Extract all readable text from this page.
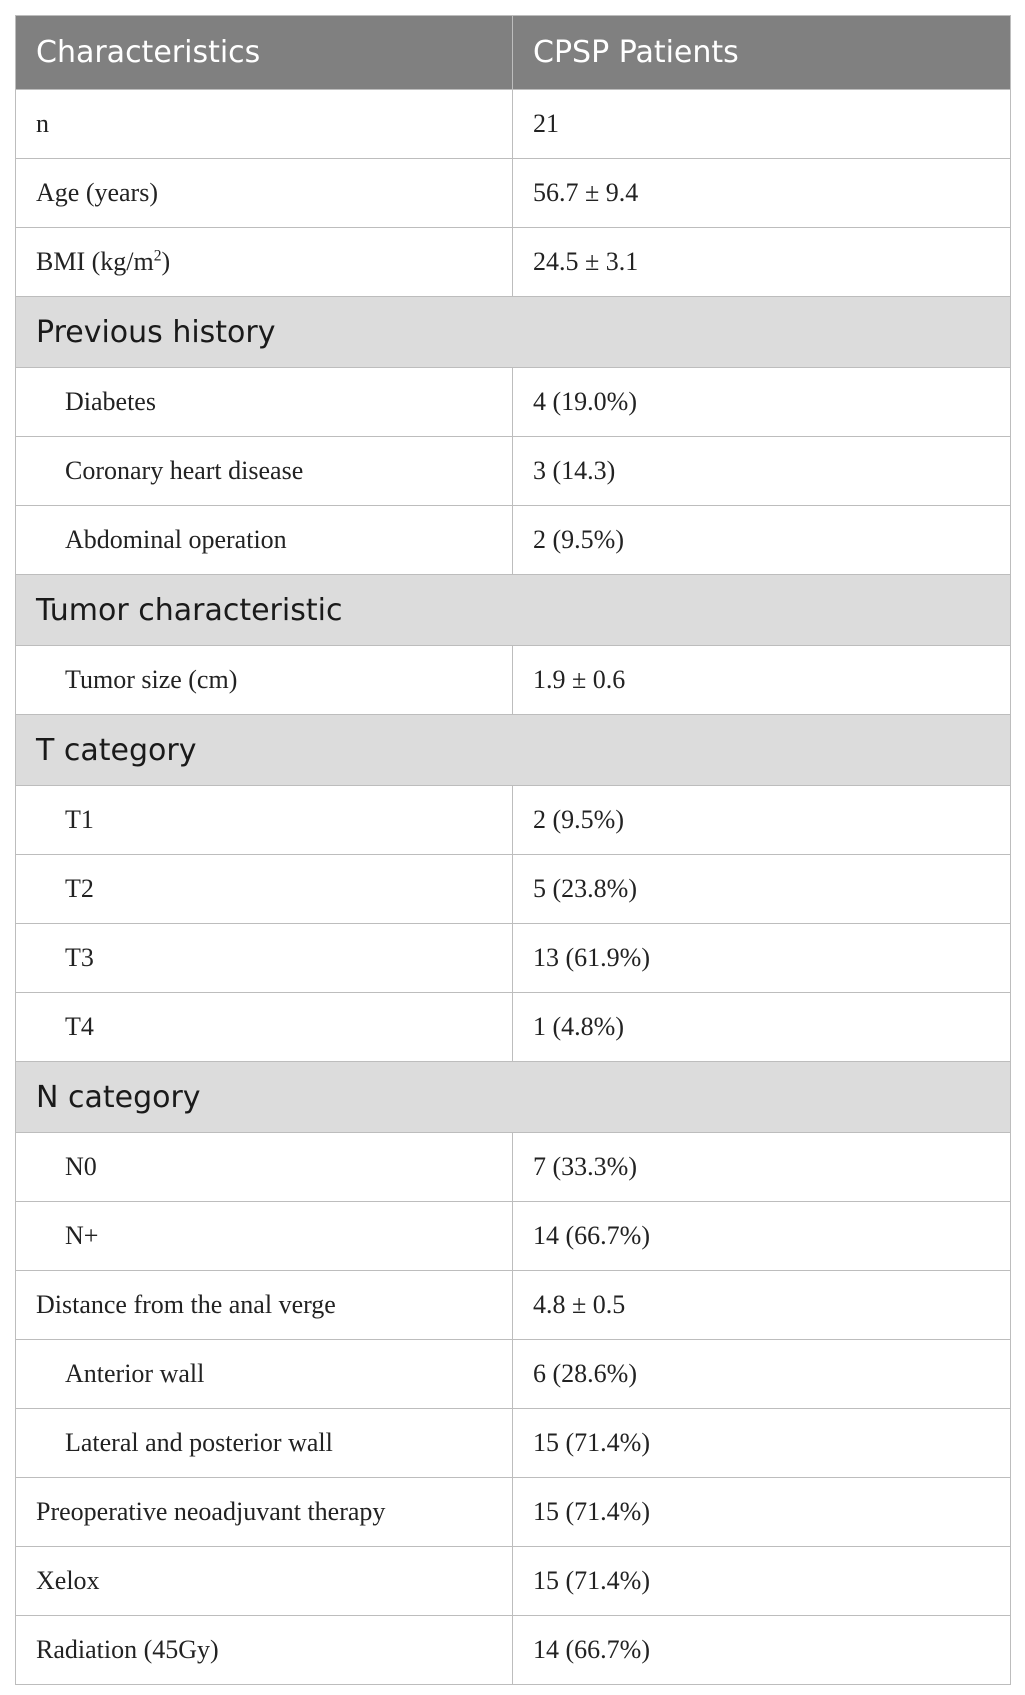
Characteristics	CPSP Patients
n	21
Age (years)	56.7 ± 9.4
BMI $(kg/m^2)$	24.5 ± 3.1
Previous history	
Diabetes	4 (19.0%)
Coronary heart disease	3 (14.3)
Abdominal operation	2 (9.5%)
Tumor characteristic	
Tumor size (cm)	1.9 ± 0.6
T category	
T1	2 (9.5%)
T2	5 (23.8%)
T3	13 (61.9%)
T4	1 (4.8%)
N category	
N0	7 (33.3%)
N+	14 (66.7%)
Distance from the anal verge	4.8 ± 0.5
Anterior wall	6 (28.6%)
Lateral and posterior wall	15 (71.4%)
Preoperative neoadjuvant therapy	15 (71.4%)
Xelox	15 (71.4%)
Radiation (45Gy)	14 (66.7%)
